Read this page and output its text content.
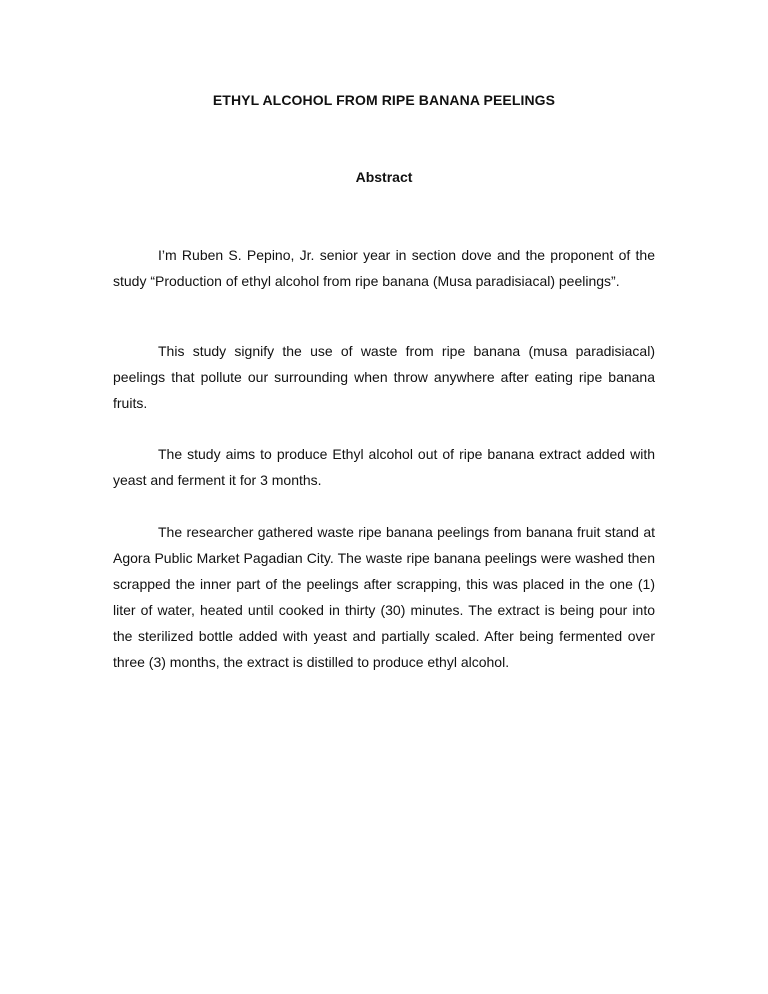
ETHYL ALCOHOL FROM RIPE BANANA PEELINGS
Abstract

I’m Ruben S. Pepino, Jr. senior year in section dove and the proponent of the study “Production of ethyl alcohol from ripe banana (Musa paradisiacal) peelings”.

This study signify the use of waste from ripe banana (musa paradisiacal) peelings that pollute our surrounding when throw anywhere after eating ripe banana fruits.

The study aims to produce Ethyl alcohol out of ripe banana extract added with yeast and ferment it for 3 months.

The researcher gathered waste ripe banana peelings from banana fruit stand at Agora Public Market Pagadian City. The waste ripe banana peelings were washed then scrapped the inner part of the peelings after scrapping, this was placed in the one (1) liter of water, heated until cooked in thirty (30) minutes. The extract is being pour into the sterilized bottle added with yeast and partially scaled. After being fermented over three (3) months, the extract is distilled to produce ethyl alcohol.
